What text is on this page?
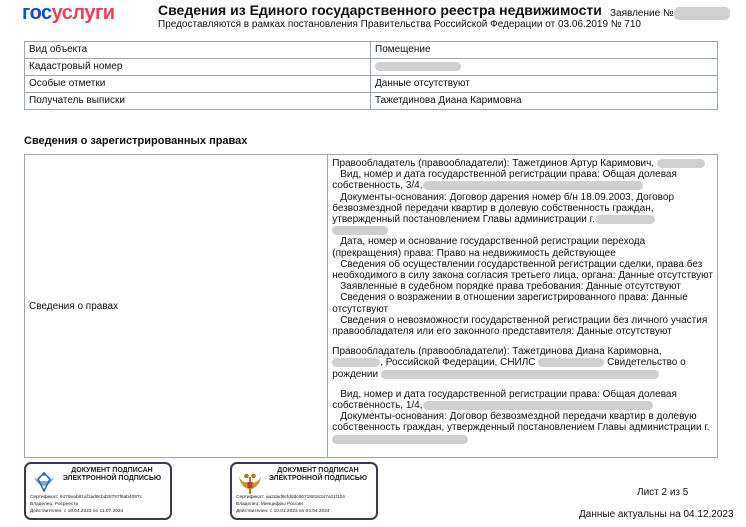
госуслуги	Сведения из Единого государственного реестра недвижимости
Предоставляются в рамках постановления Правительства Российской Федерации от 03.06.2019 № 710
Заявление №
Вид объекта	Помещение
Кадастровый номер	
Особые отметки	Данные отсутствуют
Получатель выписки	Тажетдинова Диана Каримовна
Сведения о зарегистрированных правах
Сведения о правах	
Правообладатель (правообладатели): Тажетдинов Артур Каримович,
Вид, номер и дата государственной регистрации права: Общая долевая
собственность, 3/4,
Документы-основания: Договор дарения номер б/н 18.09.2003, Договор
безвозмездной передачи квартир в долевую собственность граждан,
утвержденный постановлением Главы администрации г.
Дата, номер и основание государственной регистрации перехода
(прекращения) права: Право на недвижимость действующее
Сведения об осуществлении государственной регистрации сделки, права без
необходимого в силу закона согласия третьего лица, органа: Данные отсутствуют
Заявленные в судебном порядке права требования: Данные отсутствуют
Сведения о возражении в отношении зарегистрированного права: Данные
отсутствуют
Сведения о невозможности государственной регистрации без личного участия
правообладателя или его законного представителя: Данные отсутствуют
Правообладатель (правообладатели): Тажетдинова Диана Каримовна,
, Российской Федерации, СНИЛС	Свидетельство о
рождении
Вид, номер и дата государственной регистрации права: Общая долевая
собственность, 1/4,
Документы-основания: Договор безвозмездной передачи квартир в долевую
собственность граждан, утвержденный постановлением Главы администрации г.
ДОКУМЕНТ ПОДПИСАН ЭЛЕКТРОННОЙ ПОДПИСЬЮ
Сертификат: 6478eab81af1ad9cbd28787f9ab4097c
Владелец: Росреестр
Действителен: с 18.04.2023 по 11.07.2024
ДОКУМЕНТ ПОДПИСАН ЭЛЕКТРОННОЙ ПОДПИСЬЮ
Сертификат: aa2dad9cfdddc56718816347a11f104
Владелец: Минцифры России
Действителен: с 10.01.2023 по 04.04.2024
Лист 2 из 5
Данные актуальны на 04.12.2023
